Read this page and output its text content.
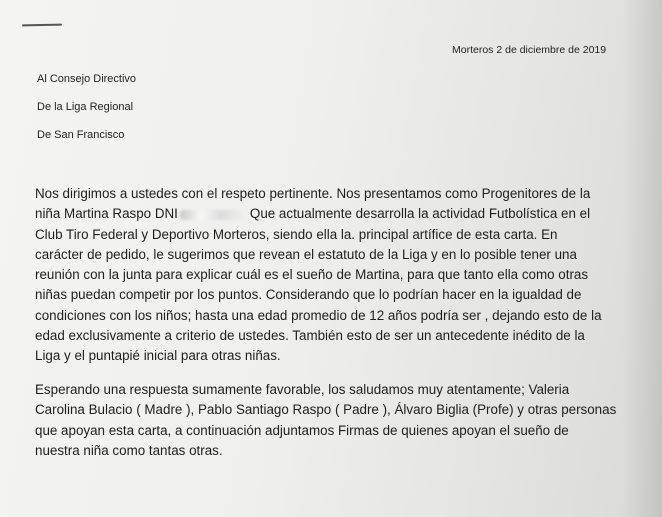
Morteros 2 de diciembre de 2019
Al Consejo Directivo
De la Liga Regional
De San Francisco
Nos dirigimos a ustedes con el respeto pertinente. Nos presentamos como Progenitores de la
niña Martina Raspo DNI	Que actualmente desarrolla la actividad Futbolística en el
Club Tiro Federal y Deportivo Morteros, siendo ella la. principal artífice de esta carta. En
carácter de pedido, le sugerimos que revean el estatuto de la Liga y en lo posible tener una
reunión con la junta para explicar cuál es el sueño de Martina, para que tanto ella como otras
niñas puedan competir por los puntos. Considerando que lo podrían hacer en la igualdad de
condiciones con los niños; hasta una edad promedio de 12 años podría ser , dejando esto de la
edad exclusivamente a criterio de ustedes. También esto de ser un antecedente inédito de la
Liga y el puntapié inicial para otras niñas.
Esperando una respuesta sumamente favorable, los saludamos muy atentamente; Valeria
Carolina Bulacio ( Madre ), Pablo Santiago Raspo ( Padre ), Álvaro Biglia (Profe) y otras personas
que apoyan esta carta, a continuación adjuntamos Firmas de quienes apoyan el sueño de
nuestra niña como tantas otras.
